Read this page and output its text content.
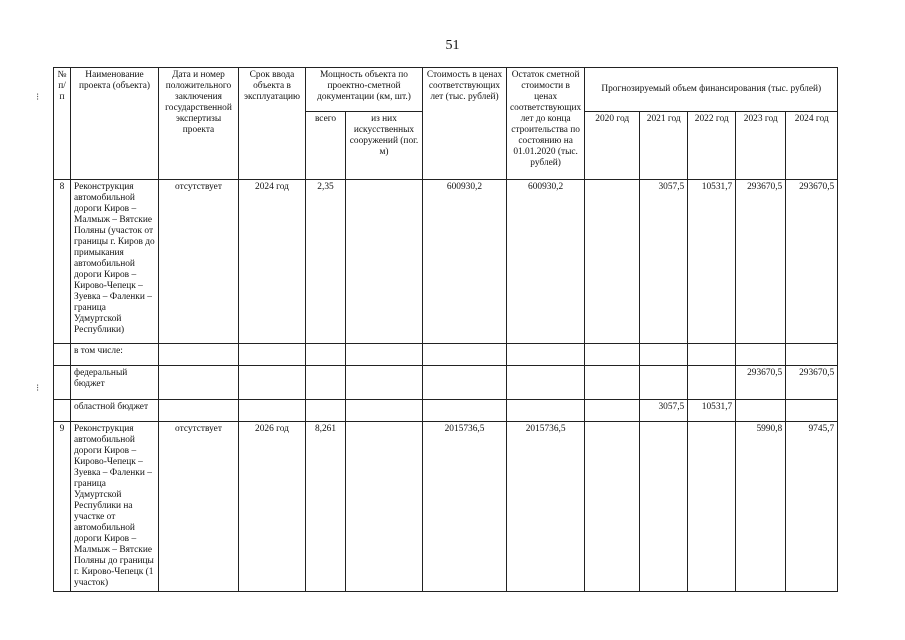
51
⁝
⁝
№ п/п	Наименование проекта (объекта)	Дата и номер положительного заключения государственной экспертизы проекта	Срок ввода объекта в эксплуатацию	Мощность объекта по проектно-сметной документации (км, шт.)		Стоимость в ценах соответствующих лет (тыс. рублей)	Остаток сметной стоимости в ценах соответствующих лет до конца строительства по состоянию на 01.01.2020 (тыс. рублей)	Прогнозируемый объем финансирования (тыс. рублей)				
				всего	из них искусственных сооружений (пог. м)			2020 год	2021 год	2022 год	2023 год	2024 год
8	Реконструкция автомобильной дороги Киров – Малмыж – Вятские Поляны (участок от границы г. Киров до примыкания автомобильной дороги Киров – Кирово-Чепецк – Зуевка – Фаленки – граница Удмуртской Республики)	отсутствует	2024 год	2,35		600930,2	600930,2		3057,5	10531,7	293670,5	293670,5
	в том числе:											
	федеральный бюджет										293670,5	293670,5
	областной бюджет								3057,5	10531,7		
9	Реконструкция автомобильной дороги Киров – Кирово-Чепецк – Зуевка – Фаленки – граница Удмуртской Республики на участке от автомобильной дороги Киров – Малмыж – Вятские Поляны до границы г. Кирово-Чепецк (1 участок)	отсутствует	2026 год	8,261		2015736,5	2015736,5				5990,8	9745,7
